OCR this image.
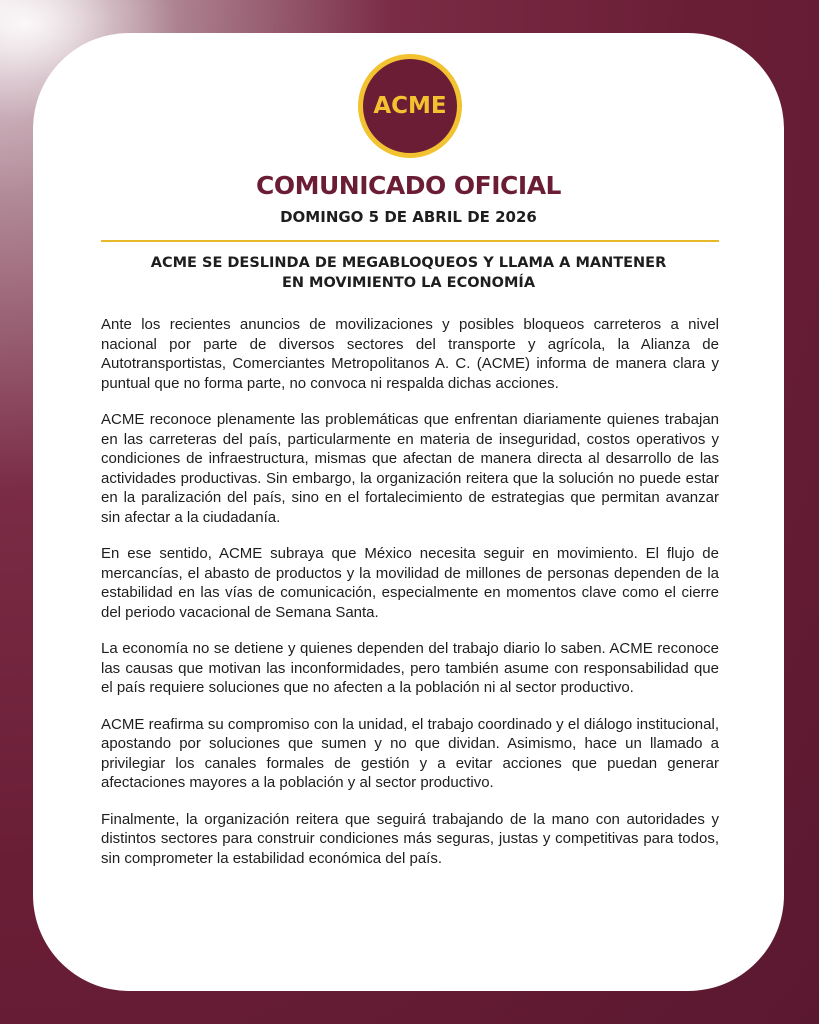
ACME
COMUNICADO OFICIAL
DOMINGO 5 DE ABRIL DE 2026
ACME SE DESLINDA DE MEGABLOQUEOS Y LLAMA A MANTENER
EN MOVIMIENTO LA ECONOMÍA

Ante los recientes anuncios de movilizaciones y posibles bloqueos carreteros a nivel nacional por parte de diversos sectores del transporte y agrícola, la Alianza de Autotransportistas, Comerciantes Metropolitanos A. C. (ACME) informa de manera clara y puntual que no forma parte, no convoca ni respalda dichas acciones.

ACME reconoce plenamente las problemáticas que enfrentan diariamente quienes trabajan en las carreteras del país, particularmente en materia de inseguridad, costos operativos y condiciones de infraestructura, mismas que afectan de manera directa al desarrollo de las actividades productivas. Sin embargo, la organización reitera que la solución no puede estar en la paralización del país, sino en el fortalecimiento de estrategias que permitan avanzar sin afectar a la ciudadanía.

En ese sentido, ACME subraya que México necesita seguir en movimiento. El flujo de mercancías, el abasto de productos y la movilidad de millones de personas dependen de la estabilidad en las vías de comunicación, especialmente en momentos clave como el cierre del periodo vacacional de Semana Santa.

La economía no se detiene y quienes dependen del trabajo diario lo saben. ACME reconoce las causas que motivan las inconformidades, pero también asume con responsabilidad que el país requiere soluciones que no afecten a la población ni al sector productivo.

ACME reafirma su compromiso con la unidad, el trabajo coordinado y el diálogo institucional, apostando por soluciones que sumen y no que dividan. Asimismo, hace un llamado a privilegiar los canales formales de gestión y a evitar acciones que puedan generar afectaciones mayores a la población y al sector productivo.

Finalmente, la organización reitera que seguirá trabajando de la mano con autoridades y distintos sectores para construir condiciones más seguras, justas y competitivas para todos, sin comprometer la estabilidad económica del país.
